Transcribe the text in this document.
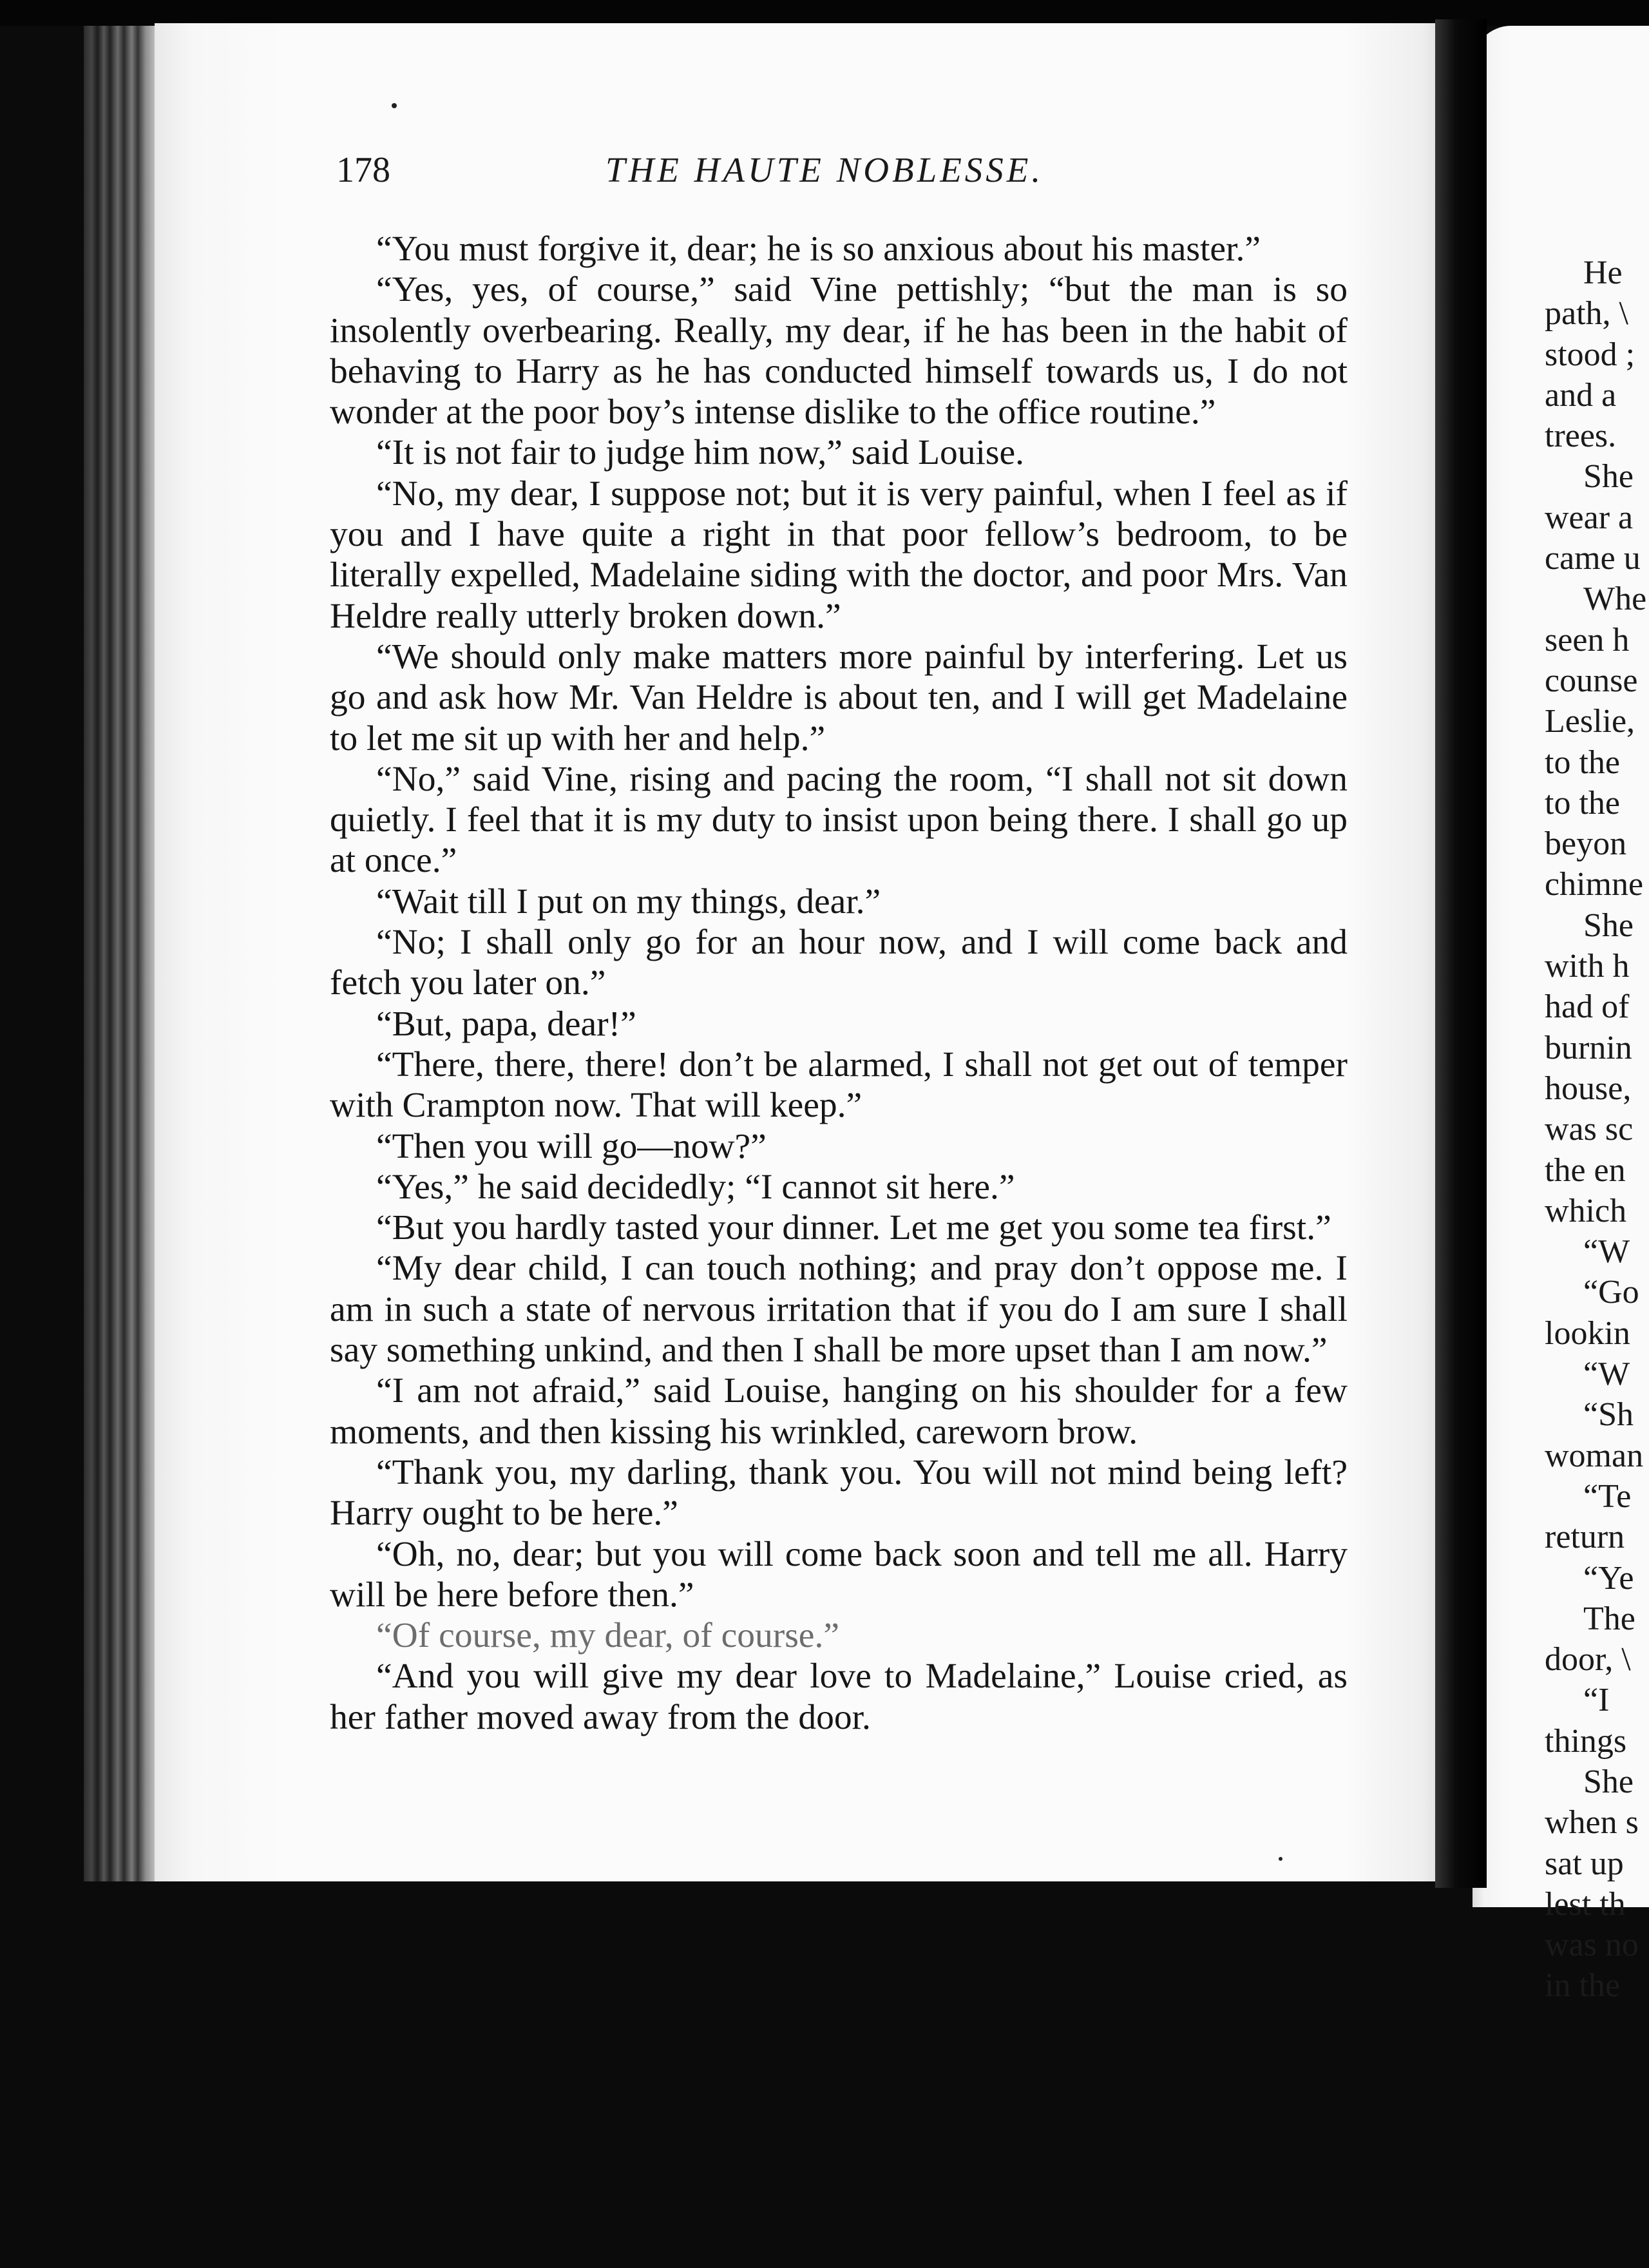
178	THE HAUTE NOBLESSE.

“You must forgive it, dear; he is so anxious about his master.”

“Yes, yes, of course,” said Vine pettishly; “but the man is so insolently overbearing. Really, my dear, if he has been in the habit of behaving to Harry as he has conducted himself towards us, I do not wonder at the poor boy’s intense dislike to the office routine.”

“It is not fair to judge him now,” said Louise.

“No, my dear, I suppose not; but it is very painful, when I feel as if you and I have quite a right in that poor fellow’s bedroom, to be literally expelled, Madelaine siding with the doctor, and poor Mrs. Van Heldre really utterly broken down.”

“We should only make matters more painful by interfering. Let us go and ask how Mr. Van Heldre is about ten, and I will get Madelaine to let me sit up with her and help.”

“No,” said Vine, rising and pacing the room, “I shall not sit down quietly. I feel that it is my duty to insist upon being there. I shall go up at once.”

“Wait till I put on my things, dear.”

“No; I shall only go for an hour now, and I will come back and fetch you later on.”

“But, papa, dear!”

“There, there, there! don’t be alarmed, I shall not get out of temper with Crampton now. That will keep.”

“Then you will go—now?”

“Yes,” he said decidedly; “I cannot sit here.”

“But you hardly tasted your dinner. Let me get you some tea first.”

“My dear child, I can touch nothing; and pray don’t oppose me. I am in such a state of nervous irritation that if you do I am sure I shall say something unkind, and then I shall be more upset than I am now.”

“I am not afraid,” said Louise, hanging on his shoulder for a few moments, and then kissing his wrinkled, careworn brow.

“Thank you, my darling, thank you. You will not mind being left? Harry ought to be here.”

“Oh, no, dear; but you will come back soon and tell me all. Harry will be here before then.”

“Of course, my dear, of course.”

“And you will give my dear love to Madelaine,” Louise cried, as her father moved away from the door.

He
path, \
stood ;
and a
trees.
She
wear a
came u
Whe
seen h
counse
Leslie,
to the
to the
beyon
chimne
She
with h
had of
burnin
house,
was sc
the en
which
“W
“Go
lookin
“W
“Sh
woman
“Te
return
“Ye
The
door, \
“I
things
She
when s
sat up
lest th
was no
in the
